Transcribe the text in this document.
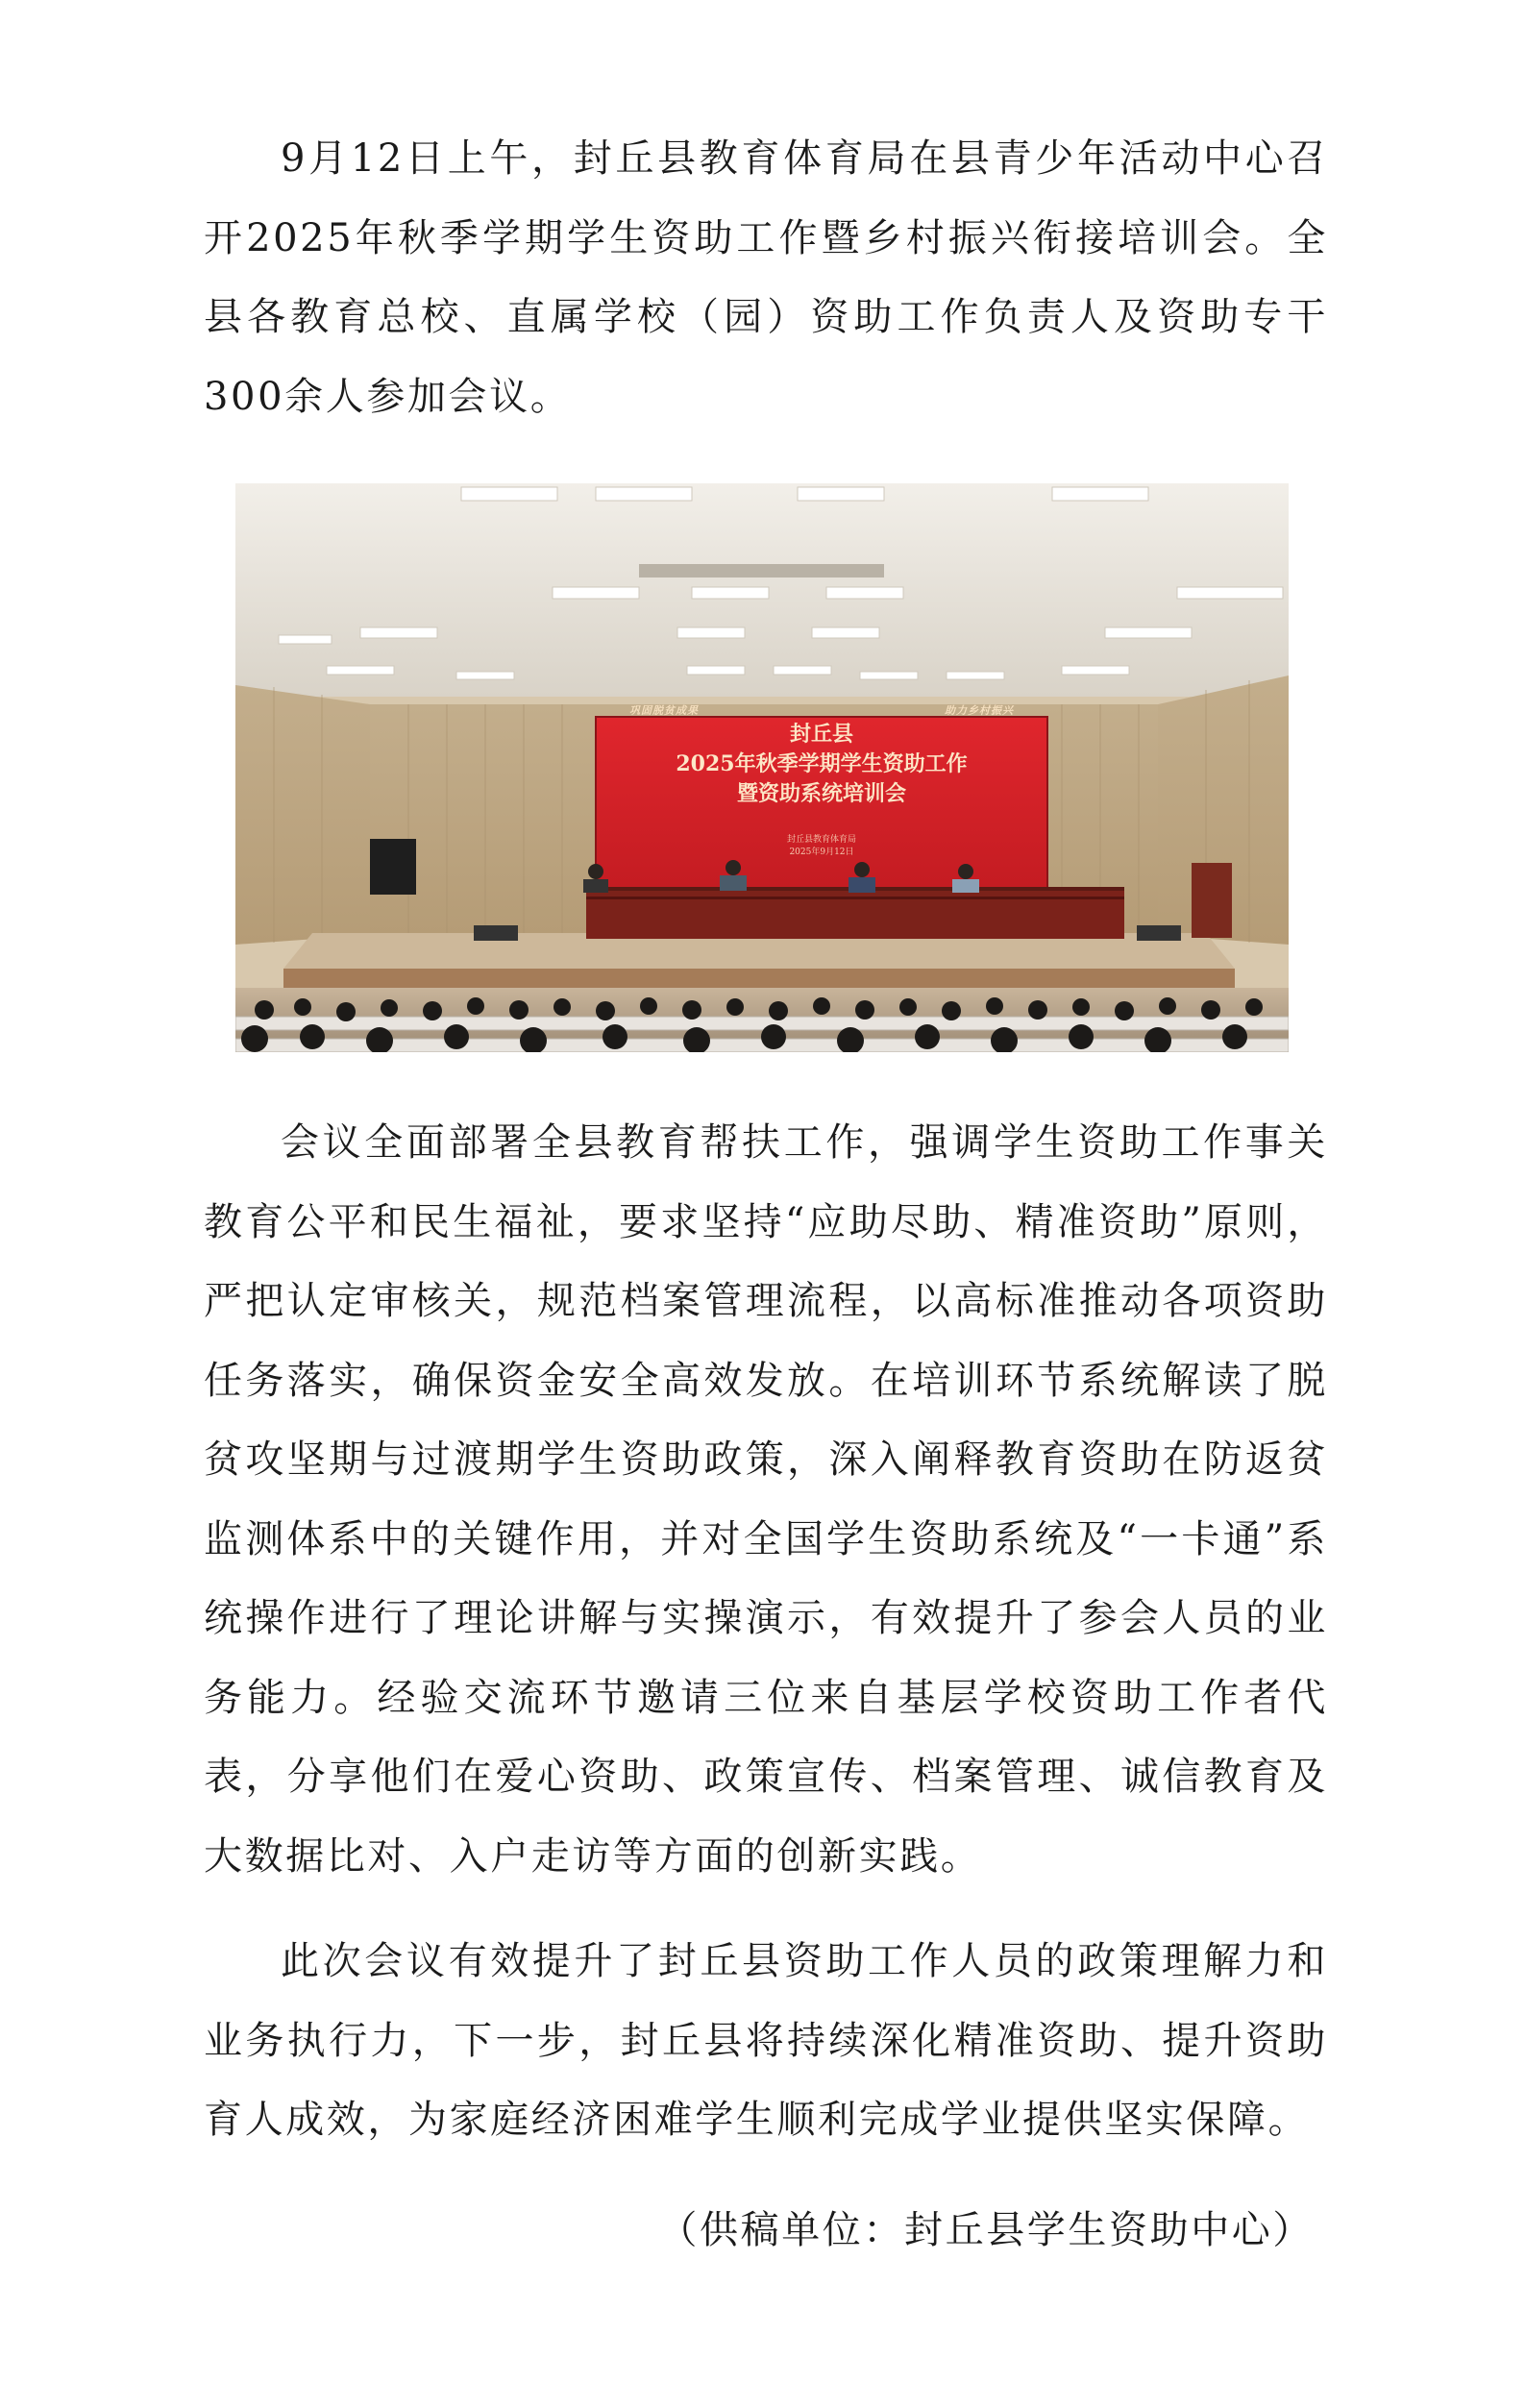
9月12日上午，封丘县教育体育局在县青少年活动中心召开2025年秋季学期学生资助工作暨乡村振兴衔接培训会。全县各教育总校、直属学校（园）资助工作负责人及资助专干300余人参加会议。

巩固脱贫成果	助力乡村振兴
封丘县
2025年秋季学期学生资助工作
暨资助系统培训会
封丘县教育体育局
2025年9月12日

会议全面部署全县教育帮扶工作，强调学生资助工作事关教育公平和民生福祉，要求坚持“应助尽助、精准资助”原则，严把认定审核关，规范档案管理流程，以高标准推动各项资助任务落实，确保资金安全高效发放。在培训环节系统解读了脱贫攻坚期与过渡期学生资助政策，深入阐释教育资助在防返贫监测体系中的关键作用，并对全国学生资助系统及“一卡通”系统操作进行了理论讲解与实操演示，有效提升了参会人员的业务能力。经验交流环节邀请三位来自基层学校资助工作者代表，分享他们在爱心资助、政策宣传、档案管理、诚信教育及大数据比对、入户走访等方面的创新实践。

此次会议有效提升了封丘县资助工作人员的政策理解力和业务执行力，下一步，封丘县将持续深化精准资助、提升资助育人成效，为家庭经济困难学生顺利完成学业提供坚实保障。

（供稿单位：封丘县学生资助中心）
